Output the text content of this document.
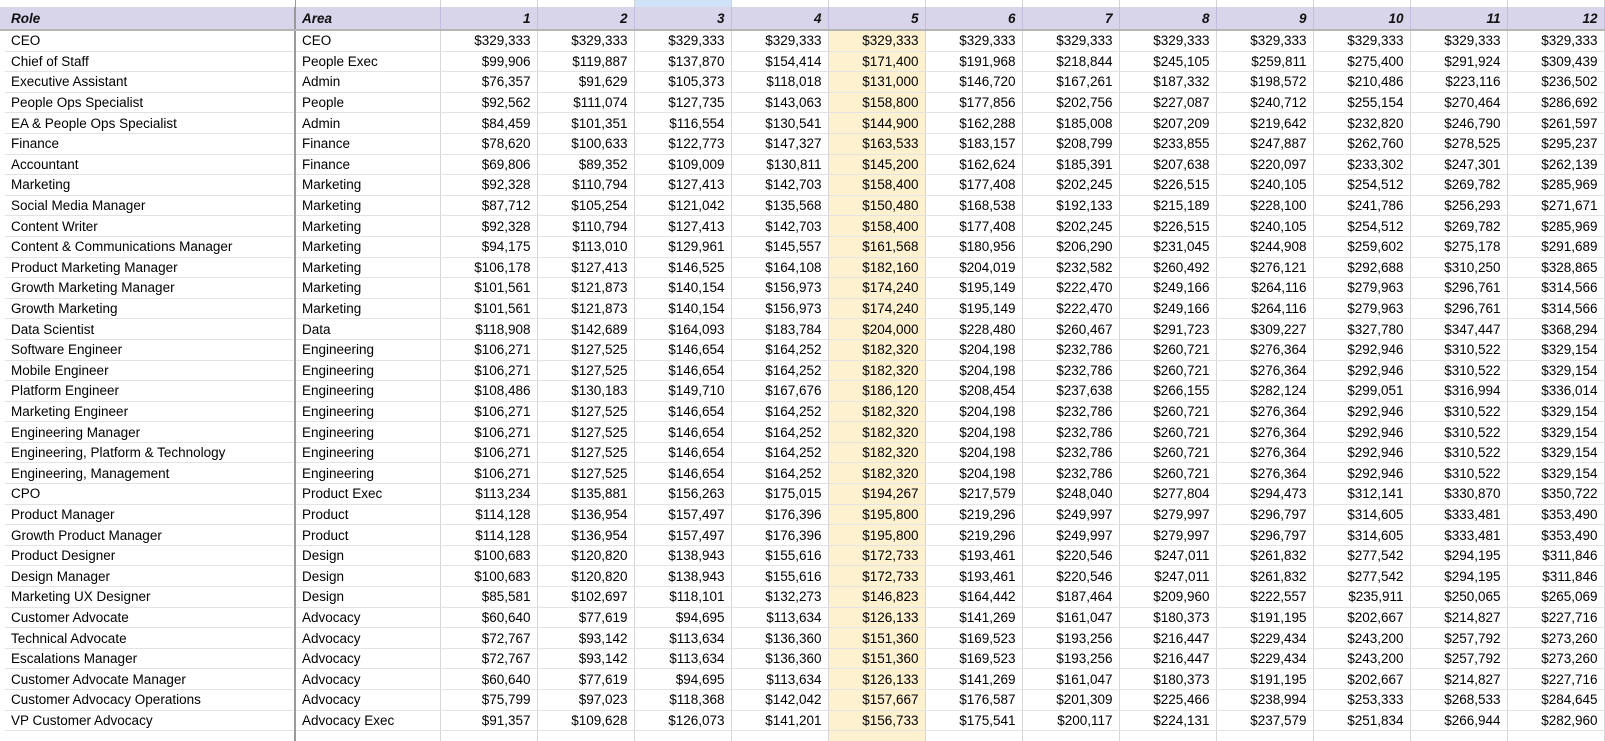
	Role	Area	1	2	3	4	5	6	7	8	9	10	11	12
	CEO	CEO	$329,333	$329,333	$329,333	$329,333	$329,333	$329,333	$329,333	$329,333	$329,333	$329,333	$329,333	$329,333
	Chief of Staff	People Exec	$99,906	$119,887	$137,870	$154,414	$171,400	$191,968	$218,844	$245,105	$259,811	$275,400	$291,924	$309,439
	Executive Assistant	Admin	$76,357	$91,629	$105,373	$118,018	$131,000	$146,720	$167,261	$187,332	$198,572	$210,486	$223,116	$236,502
	People Ops Specialist	People	$92,562	$111,074	$127,735	$143,063	$158,800	$177,856	$202,756	$227,087	$240,712	$255,154	$270,464	$286,692
	EA & People Ops Specialist	Admin	$84,459	$101,351	$116,554	$130,541	$144,900	$162,288	$185,008	$207,209	$219,642	$232,820	$246,790	$261,597
	Finance	Finance	$78,620	$100,633	$122,773	$147,327	$163,533	$183,157	$208,799	$233,855	$247,887	$262,760	$278,525	$295,237
	Accountant	Finance	$69,806	$89,352	$109,009	$130,811	$145,200	$162,624	$185,391	$207,638	$220,097	$233,302	$247,301	$262,139
	Marketing	Marketing	$92,328	$110,794	$127,413	$142,703	$158,400	$177,408	$202,245	$226,515	$240,105	$254,512	$269,782	$285,969
	Social Media Manager	Marketing	$87,712	$105,254	$121,042	$135,568	$150,480	$168,538	$192,133	$215,189	$228,100	$241,786	$256,293	$271,671
	Content Writer	Marketing	$92,328	$110,794	$127,413	$142,703	$158,400	$177,408	$202,245	$226,515	$240,105	$254,512	$269,782	$285,969
	Content & Communications Manager	Marketing	$94,175	$113,010	$129,961	$145,557	$161,568	$180,956	$206,290	$231,045	$244,908	$259,602	$275,178	$291,689
	Product Marketing Manager	Marketing	$106,178	$127,413	$146,525	$164,108	$182,160	$204,019	$232,582	$260,492	$276,121	$292,688	$310,250	$328,865
	Growth Marketing Manager	Marketing	$101,561	$121,873	$140,154	$156,973	$174,240	$195,149	$222,470	$249,166	$264,116	$279,963	$296,761	$314,566
	Growth Marketing	Marketing	$101,561	$121,873	$140,154	$156,973	$174,240	$195,149	$222,470	$249,166	$264,116	$279,963	$296,761	$314,566
	Data Scientist	Data	$118,908	$142,689	$164,093	$183,784	$204,000	$228,480	$260,467	$291,723	$309,227	$327,780	$347,447	$368,294
	Software Engineer	Engineering	$106,271	$127,525	$146,654	$164,252	$182,320	$204,198	$232,786	$260,721	$276,364	$292,946	$310,522	$329,154
	Mobile Engineer	Engineering	$106,271	$127,525	$146,654	$164,252	$182,320	$204,198	$232,786	$260,721	$276,364	$292,946	$310,522	$329,154
	Platform Engineer	Engineering	$108,486	$130,183	$149,710	$167,676	$186,120	$208,454	$237,638	$266,155	$282,124	$299,051	$316,994	$336,014
	Marketing Engineer	Engineering	$106,271	$127,525	$146,654	$164,252	$182,320	$204,198	$232,786	$260,721	$276,364	$292,946	$310,522	$329,154
	Engineering Manager	Engineering	$106,271	$127,525	$146,654	$164,252	$182,320	$204,198	$232,786	$260,721	$276,364	$292,946	$310,522	$329,154
	Engineering, Platform & Technology	Engineering	$106,271	$127,525	$146,654	$164,252	$182,320	$204,198	$232,786	$260,721	$276,364	$292,946	$310,522	$329,154
	Engineering, Management	Engineering	$106,271	$127,525	$146,654	$164,252	$182,320	$204,198	$232,786	$260,721	$276,364	$292,946	$310,522	$329,154
	CPO	Product Exec	$113,234	$135,881	$156,263	$175,015	$194,267	$217,579	$248,040	$277,804	$294,473	$312,141	$330,870	$350,722
	Product Manager	Product	$114,128	$136,954	$157,497	$176,396	$195,800	$219,296	$249,997	$279,997	$296,797	$314,605	$333,481	$353,490
	Growth Product Manager	Product	$114,128	$136,954	$157,497	$176,396	$195,800	$219,296	$249,997	$279,997	$296,797	$314,605	$333,481	$353,490
	Product Designer	Design	$100,683	$120,820	$138,943	$155,616	$172,733	$193,461	$220,546	$247,011	$261,832	$277,542	$294,195	$311,846
	Design Manager	Design	$100,683	$120,820	$138,943	$155,616	$172,733	$193,461	$220,546	$247,011	$261,832	$277,542	$294,195	$311,846
	Marketing UX Designer	Design	$85,581	$102,697	$118,101	$132,273	$146,823	$164,442	$187,464	$209,960	$222,557	$235,911	$250,065	$265,069
	Customer Advocate	Advocacy	$60,640	$77,619	$94,695	$113,634	$126,133	$141,269	$161,047	$180,373	$191,195	$202,667	$214,827	$227,716
	Technical Advocate	Advocacy	$72,767	$93,142	$113,634	$136,360	$151,360	$169,523	$193,256	$216,447	$229,434	$243,200	$257,792	$273,260
	Escalations Manager	Advocacy	$72,767	$93,142	$113,634	$136,360	$151,360	$169,523	$193,256	$216,447	$229,434	$243,200	$257,792	$273,260
	Customer Advocate Manager	Advocacy	$60,640	$77,619	$94,695	$113,634	$126,133	$141,269	$161,047	$180,373	$191,195	$202,667	$214,827	$227,716
	Customer Advocacy Operations	Advocacy	$75,799	$97,023	$118,368	$142,042	$157,667	$176,587	$201,309	$225,466	$238,994	$253,333	$268,533	$284,645
	VP Customer Advocacy	Advocacy Exec	$91,357	$109,628	$126,073	$141,201	$156,733	$175,541	$200,117	$224,131	$237,579	$251,834	$266,944	$282,960
